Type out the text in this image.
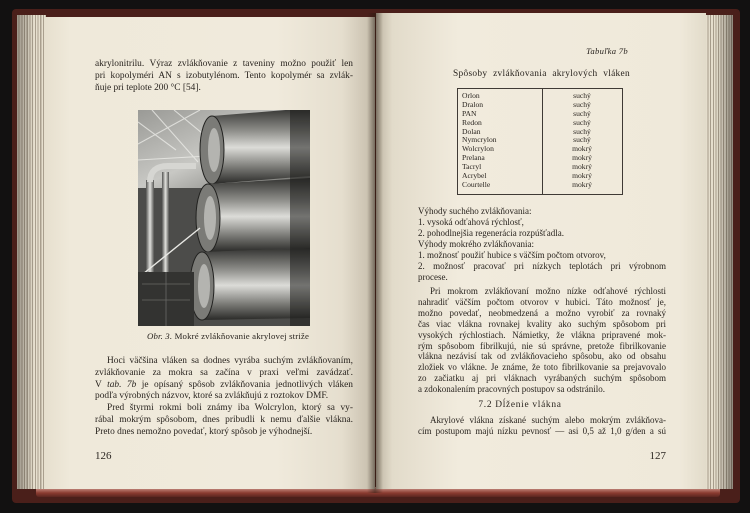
akrylonitrilu. Výraz zvlákňovanie z taveniny možno použiť len
pri kopolyméri AN s izobutylénom. Tento kopolymér sa zvlák-
ňuje pri teplote 200 °C [54].
Obr. 3. Mokré zvlákňovanie akrylovej striže
Hoci väčšina vláken sa dodnes vyrába suchým zvlákňovaním,
zvlákňovanie za mokra sa začína v praxi veľmi zavádzať.
V tab. 7b je opísaný spôsob zvlákňovania jednotlivých vláken
podľa výrobných názvov, ktoré sa zvlákňujú z roztokov DMF.
Pred štyrmi rokmi boli známy iba Wolcrylon, ktorý sa vy-
rábal mokrým spôsobom, dnes pribudli k nemu ďalšie vlákna.
Preto dnes nemožno povedať, ktorý spôsob je výhodnejší.
126
Tabuľka 7b
Spôsoby zvlákňovania akrylových vláken
Orlon	suchý
Dralon	suchý
PAN	suchý
Redon	suchý
Dolan	suchý
Nymcrylon	suchý
Wolcrylon	mokrý
Prelana	mokrý
Tacryl	mokrý
Acrybel	mokrý
Courtelle	mokrý
Výhody suchého zvlákňovania:
1. vysoká odťahová rýchlosť,
2. pohodlnejšia regenerácia rozpúšťadla.
Výhody mokrého zvlákňovania:
1. možnosť použiť hubice s väčším počtom otvorov,
2. možnosť pracovať pri nízkych teplotách pri výrobnom
procese.
Pri mokrom zvlákňovaní možno nízke odťahové rýchlosti
nahradiť väčším počtom otvorov v hubici. Táto možnosť je,
možno povedať, neobmedzená a možno vyrobiť za rovnaký
čas viac vlákna rovnakej kvality ako suchým spôsobom pri
vysokých rýchlostiach. Námietky, že vlákna pripravené mok-
rým spôsobom fibrilkujú, nie sú správne, pretože fibrilkovanie
vlákna nezávisí tak od zvlákňovacieho spôsobu, ako od obsahu
zložiek vo vlákne. Je známe, že toto fibrilkovanie sa prejavovalo
zo začiatku aj pri vláknach vyrábaných suchým spôsobom
a zdokonalením pracovných postupov sa odstránilo.
7.2 Dĺženie vlákna
Akrylové vlákna získané suchým alebo mokrým zvlákňova-
cím postupom majú nízku pevnosť — asi 0,5 až 1,0 g/den a sú
127
